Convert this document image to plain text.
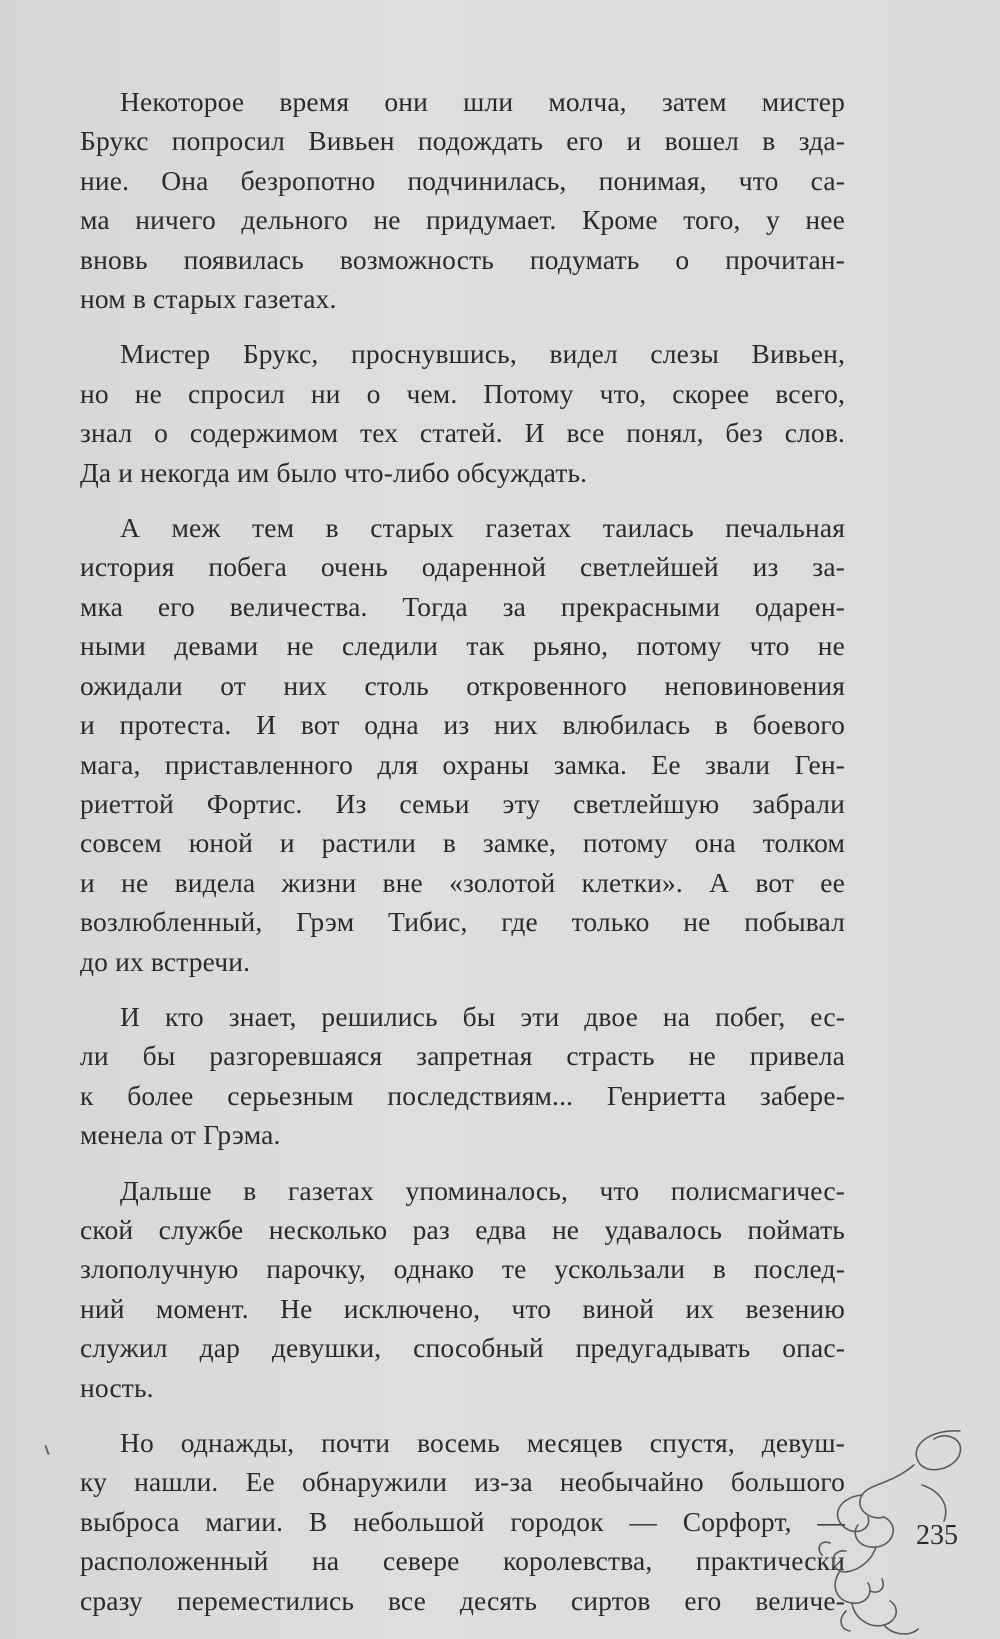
Некоторое время они шли молча, затем мистер
Брукс попросил Вивьен подождать его и вошел в зда-
ние. Она безропотно подчинилась, понимая, что са-
ма ничего дельного не придумает. Кроме того, у нее
вновь появилась возможность подумать о прочитан-
ном в старых газетах.
Мистер Брукс, проснувшись, видел слезы Вивьен,
но не спросил ни о чем. Потому что, скорее всего,
знал о содержимом тех статей. И все понял, без слов.
Да и некогда им было что-либо обсуждать.
А меж тем в старых газетах таилась печальная
история побега очень одаренной светлейшей из за-
мка его величества. Тогда за прекрасными одарен-
ными девами не следили так рьяно, потому что не
ожидали от них столь откровенного неповиновения
и протеста. И вот одна из них влюбилась в боевого
мага, приставленного для охраны замка. Ее звали Ген-
риеттой Фортис. Из семьи эту светлейшую забрали
совсем юной и растили в замке, потому она толком
и не видела жизни вне «золотой клетки». А вот ее
возлюбленный, Грэм Тибис, где только не побывал
до их встречи.
И кто знает, решились бы эти двое на побег, ес-
ли бы разгоревшаяся запретная страсть не привела
к более серьезным последствиям... Генриетта забере-
менела от Грэма.
Дальше в газетах упоминалось, что полисмагичес-
ской службе несколько раз едва не удавалось поймать
злополучную парочку, однако те ускользали в послед-
ний момент. Не исключено, что виной их везению
служил дар девушки, способный предугадывать опас-
ность.
Но однажды, почти восемь месяцев спустя, девуш-
ку нашли. Ее обнаружили из-за необычайно большого
выброса магии. В небольшой городок — Сорфорт, —
расположенный на севере королевства, практически
сразу переместились все десять сиртов его величе-
235
